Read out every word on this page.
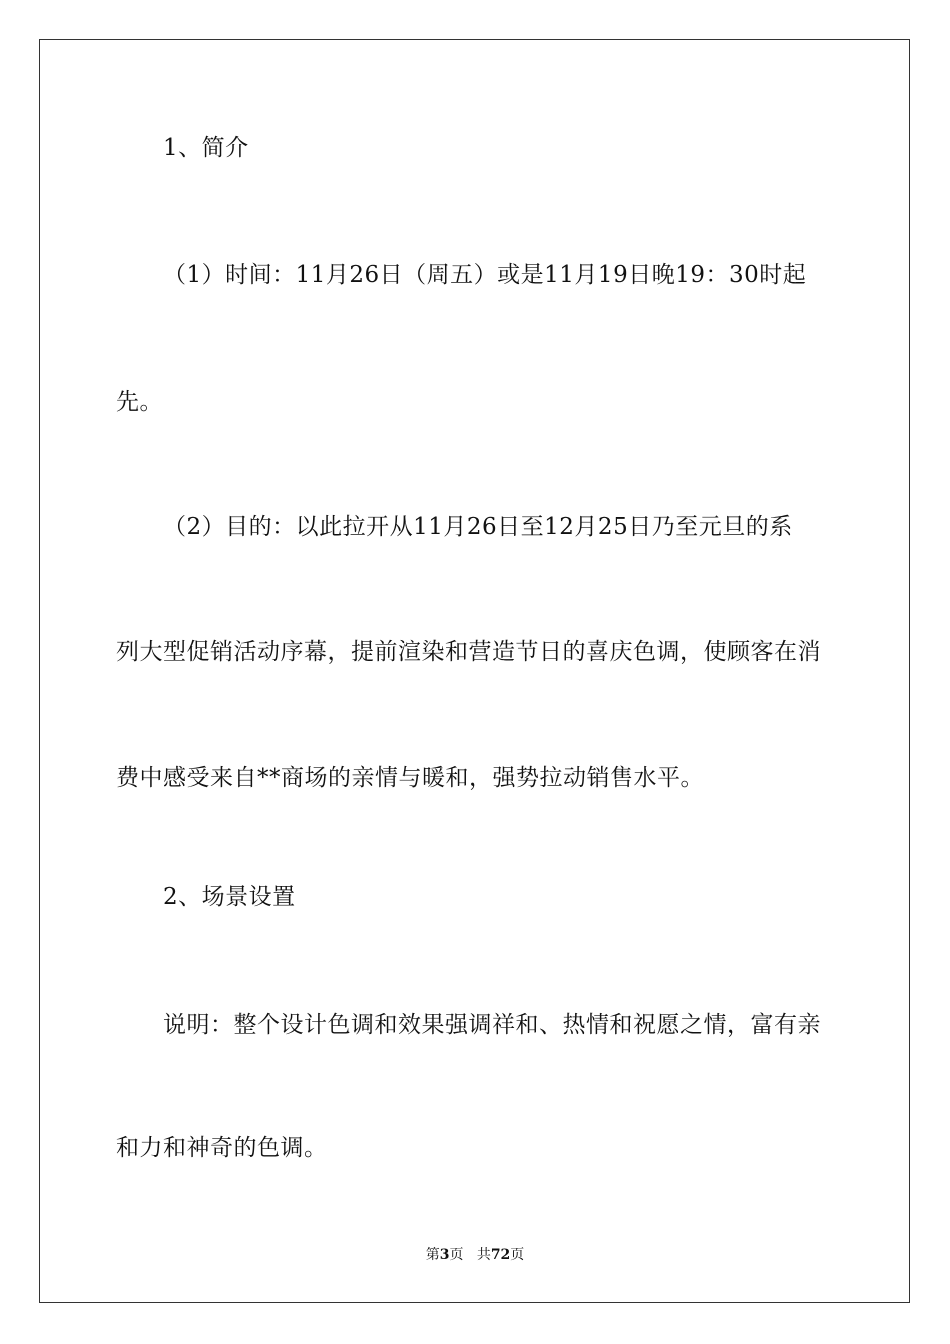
1、简介
（1）时间：11月26日（周五）或是11月19日晚19：30时起
先。
（2）目的：以此拉开从11月26日至12月25日乃至元旦的系
列大型促销活动序幕，提前渲染和营造节日的喜庆色调，使顾客在消
费中感受来自**商场的亲情与暖和，强势拉动销售水平。
2、场景设置
说明：整个设计色调和效果强调祥和、热情和祝愿之情，富有亲
和力和神奇的色调。
第3页 共72页
